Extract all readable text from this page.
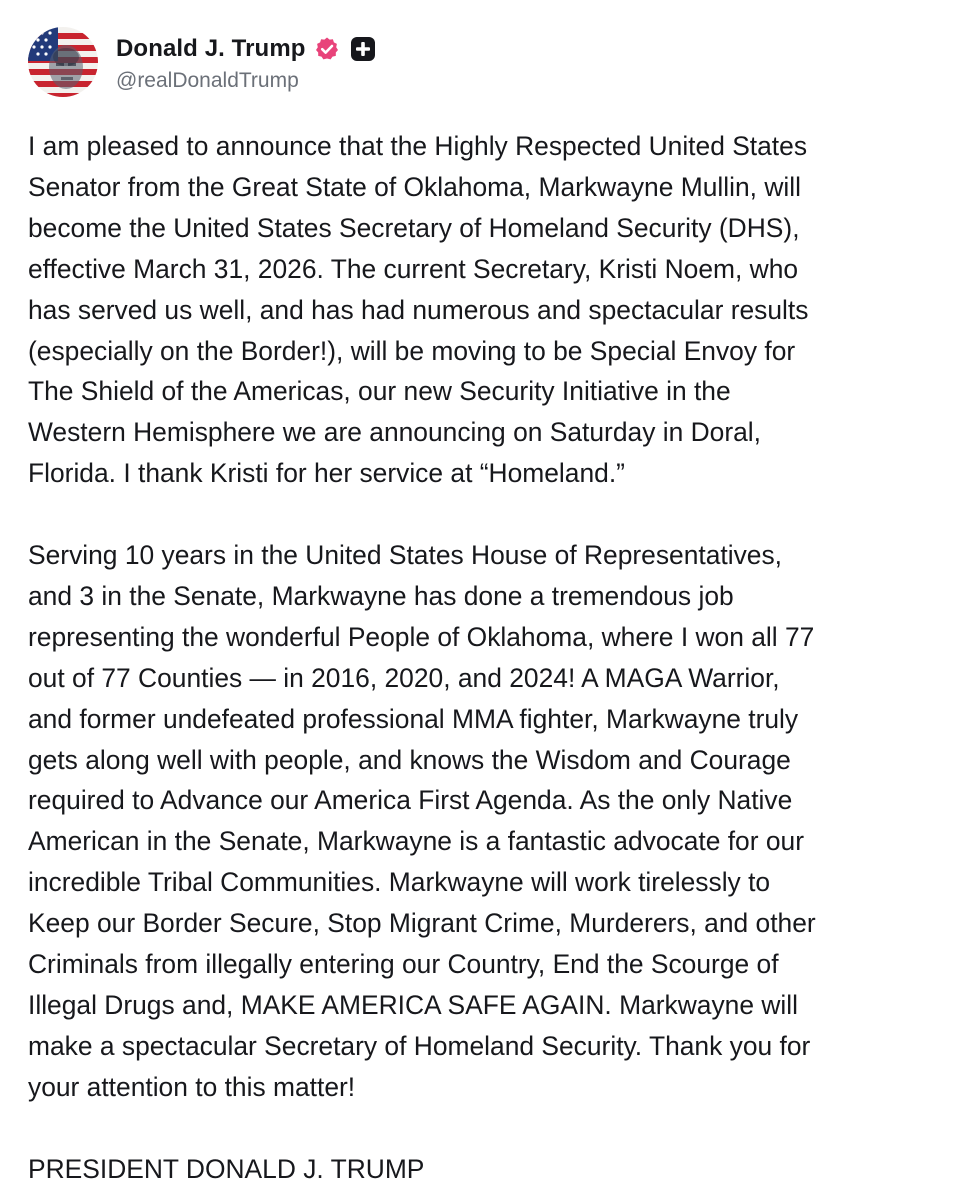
Donald J. Trump
@realDonaldTrump

I am pleased to announce that the Highly Respected United States
Senator from the Great State of Oklahoma, Markwayne Mullin, will
become the United States Secretary of Homeland Security (DHS),
effective March 31, 2026. The current Secretary, Kristi Noem, who
has served us well, and has had numerous and spectacular results
(especially on the Border!), will be moving to be Special Envoy for
The Shield of the Americas, our new Security Initiative in the
Western Hemisphere we are announcing on Saturday in Doral,
Florida. I thank Kristi for her service at “Homeland.”

Serving 10 years in the United States House of Representatives,
and 3 in the Senate, Markwayne has done a tremendous job
representing the wonderful People of Oklahoma, where I won all 77
out of 77 Counties — in 2016, 2020, and 2024! A MAGA Warrior,
and former undefeated professional MMA fighter, Markwayne truly
gets along well with people, and knows the Wisdom and Courage
required to Advance our America First Agenda. As the only Native
American in the Senate, Markwayne is a fantastic advocate for our
incredible Tribal Communities. Markwayne will work tirelessly to
Keep our Border Secure, Stop Migrant Crime, Murderers, and other
Criminals from illegally entering our Country, End the Scourge of
Illegal Drugs and, MAKE AMERICA SAFE AGAIN. Markwayne will
make a spectacular Secretary of Homeland Security. Thank you for
your attention to this matter!

PRESIDENT DONALD J. TRUMP
